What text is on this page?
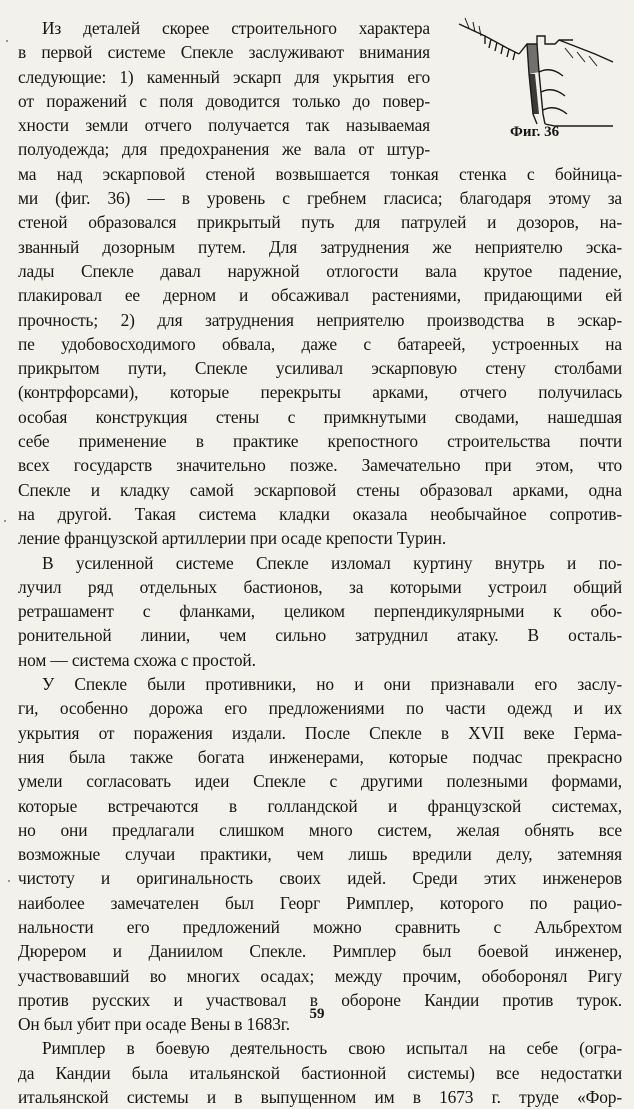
Фиг. 36
Из деталей скорее строительного характера
в первой системе Спекле заслуживают внимания
следующие: 1) каменный эскарп для укрытия его
от поражений с поля доводится только до повер-
хности земли отчего получается так называемая
полуодежда; для предохранения же вала от штур-
ма над эскарповой стеной возвышается тонкая стенка с бойница-
ми (фиг. 36) — в уровень с гребнем гласиса; благодаря этому за
стеной образовался прикрытый путь для патрулей и дозоров, на-
званный дозорным путем. Для затруднения же неприятелю эска-
лады Спекле давал наружной отлогости вала крутое падение,
плакировал ее дерном и обсаживал растениями, придающими ей
прочность; 2) для затруднения неприятелю производства в эскар-
пе удобовосходимого обвала, даже с батареей, устроенных на
прикрытом пути, Спекле усиливал эскарповую стену столбами
(контрфорсами), которые перекрыты арками, отчего получилась
особая конструкция стены с примкнутыми сводами, нашедшая
себе применение в практике крепостного строительства почти
всех государств значительно позже. Замечательно при этом, что
Спекле и кладку самой эскарповой стены образовал арками, одна
на другой. Такая система кладки оказала необычайное сопротив-
ление французской артиллерии при осаде крепости Турин.
В усиленной системе Спекле изломал куртину внутрь и по-
лучил ряд отдельных бастионов, за которыми устроил общий
ретрашамент с фланками, целиком перпендикулярными к обо-
ронительной линии, чем сильно затруднил атаку. В осталь-
ном — система схожа с простой.
У Спекле были противники, но и они признавали его заслу-
ги, особенно дорожа его предложениями по части одежд и их
укрытия от поражения издали. После Спекле в XVII веке Герма-
ния была также богата инженерами, которые подчас прекрасно
умели согласовать идеи Спекле с другими полезными формами,
которые встречаются в голландской и французской системах,
но они предлагали слишком много систем, желая обнять все
возможные случаи практики, чем лишь вредили делу, затемняя
чистоту и оригинальность своих идей. Среди этих инженеров
наиболее замечателен был Георг Римплер, которого по рацио-
нальности его предложений можно сравнить с Альбрехтом
Дюрером и Даниилом Спекле. Римплер был боевой инженер,
участвовавший во многих осадах; между прочим, обоборонял Ригу
против русских и участвовал в обороне Кандии против турок.
Он был убит при осаде Вены в 1683г.
Римплер в боевую деятельность свою испытал на себе (огра-
да Кандии была итальянской бастионной системы) все недостатки
итальянской системы и в выпущенном им в 1673 г. труде «Фор-
59
